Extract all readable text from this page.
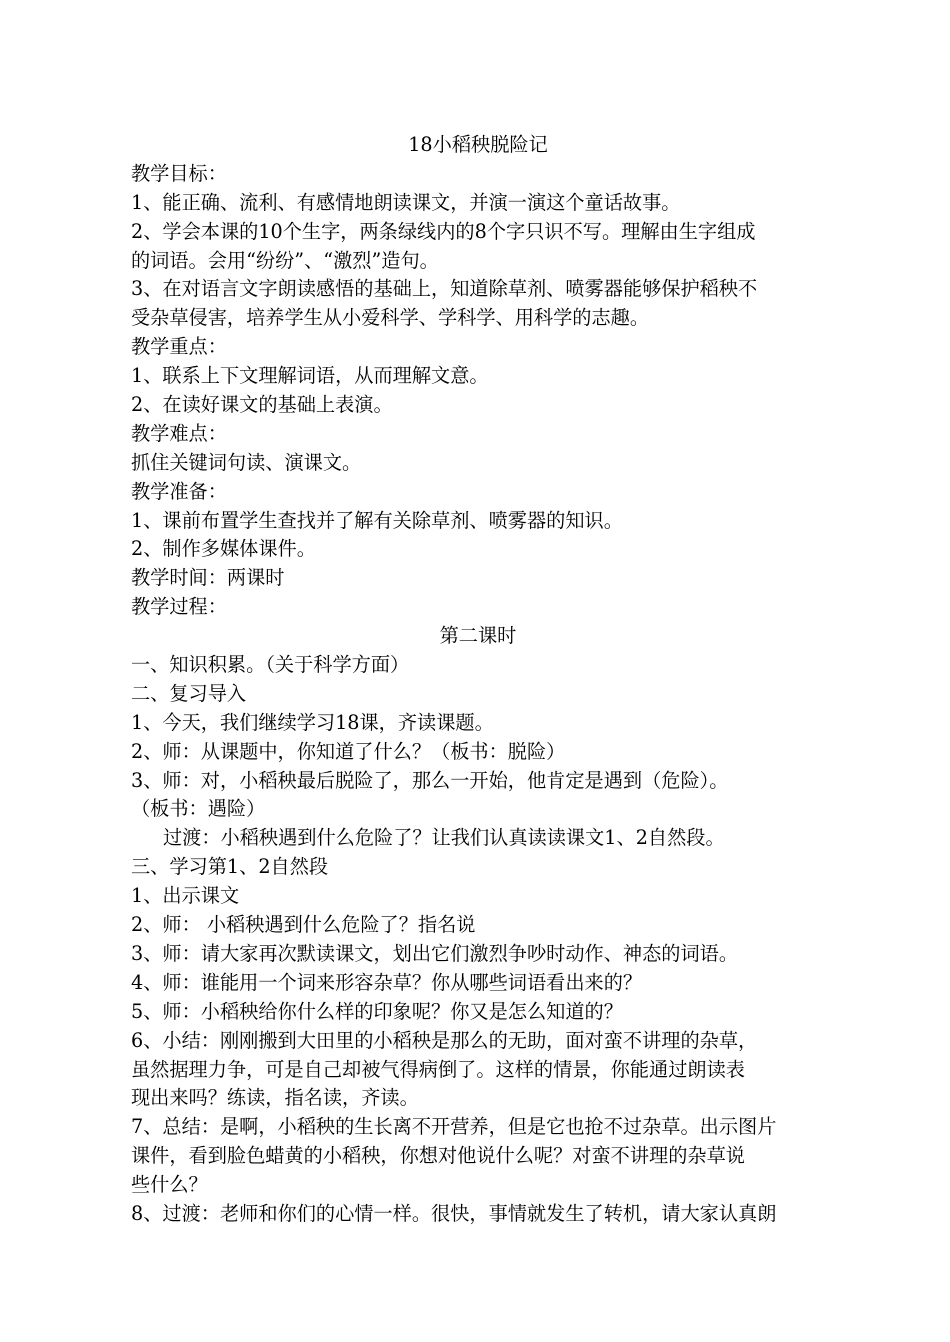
18小稻秧脱险记
教学目标：
1、能正确、流利、有感情地朗读课文，并演一演这个童话故事。
2、学会本课的10个生字，两条绿线内的8个字只识不写。理解由生字组成
的词语。会用“纷纷”、“激烈”造句。
3、在对语言文字朗读感悟的基础上，知道除草剂、喷雾器能够保护稻秧不
受杂草侵害，培养学生从小爱科学、学科学、用科学的志趣。
教学重点：
1、联系上下文理解词语，从而理解文意。
2、在读好课文的基础上表演。
教学难点：
抓住关键词句读、演课文。
教学准备：
1、课前布置学生查找并了解有关除草剂、喷雾器的知识。
2、制作多媒体课件。
教学时间：两课时
教学过程：
第二课时
一、知识积累。（关于科学方面）
二、复习导入
1、今天，我们继续学习18课，齐读课题。
2、师：从课题中，你知道了什么？（板书：脱险）
3、师：对，小稻秧最后脱险了，那么一开始，他肯定是遇到（危险）。
（板书：遇险）
过渡：小稻秧遇到什么危险了？让我们认真读读课文1、2自然段。
三、学习第1、2自然段
1、出示课文
2、师： 小稻秧遇到什么危险了？指名说
3、师：请大家再次默读课文，划出它们激烈争吵时动作、神态的词语。
4、师：谁能用一个词来形容杂草？你从哪些词语看出来的？
5、师：小稻秧给你什么样的印象呢？你又是怎么知道的？
6、小结：刚刚搬到大田里的小稻秧是那么的无助，面对蛮不讲理的杂草，
虽然据理力争，可是自己却被气得病倒了。这样的情景，你能通过朗读表
现出来吗？练读，指名读，齐读。
7、总结：是啊，小稻秧的生长离不开营养，但是它也抢不过杂草。出示图片
课件，看到脸色蜡黄的小稻秧，你想对他说什么呢？对蛮不讲理的杂草说
些什么？
8、过渡：老师和你们的心情一样。很快，事情就发生了转机，请大家认真朗
